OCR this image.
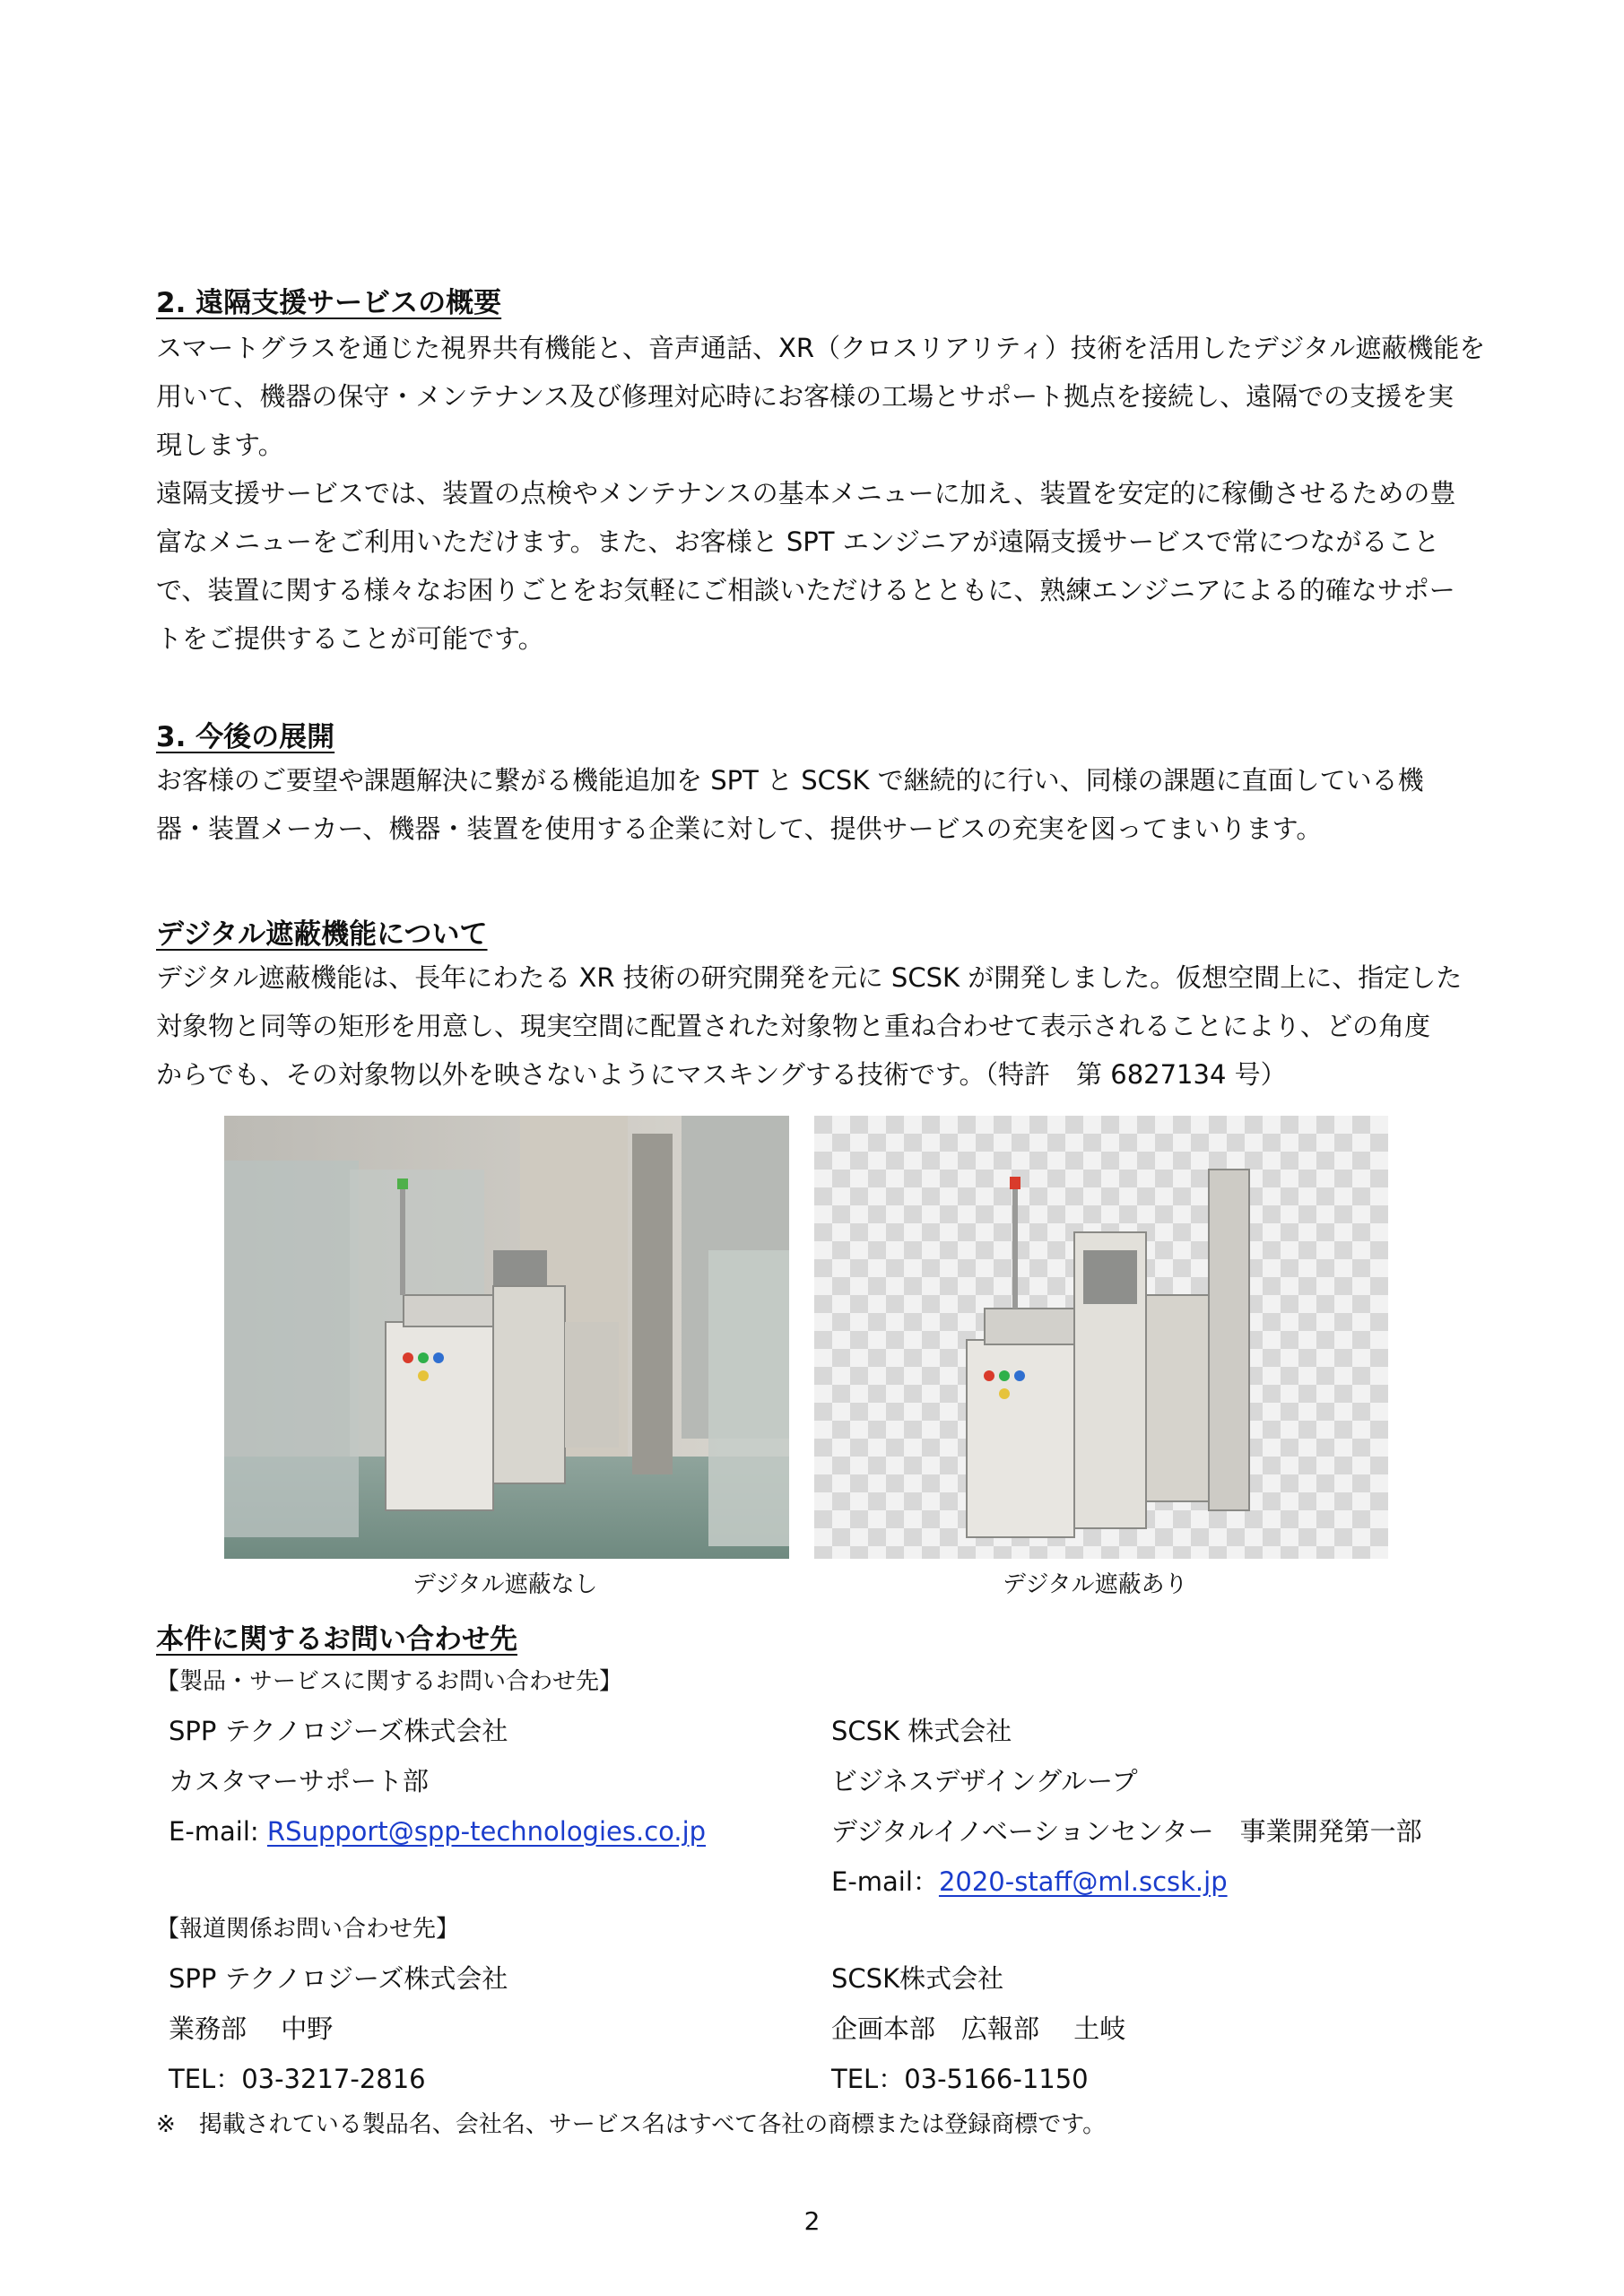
2. 遠隔支援サービスの概要
スマートグラスを通じた視界共有機能と、音声通話、XR（クロスリアリティ）技術を活用したデジタル遮蔽機能を
用いて、機器の保守・メンテナンス及び修理対応時にお客様の工場とサポート拠点を接続し、遠隔での支援を実
現します。
遠隔支援サービスでは、装置の点検やメンテナンスの基本メニューに加え、装置を安定的に稼働させるための豊
富なメニューをご利用いただけます。また、お客様と SPT エンジニアが遠隔支援サービスで常につながること
で、装置に関する様々なお困りごとをお気軽にご相談いただけるとともに、熟練エンジニアによる的確なサポー
トをご提供することが可能です。
3. 今後の展開
お客様のご要望や課題解決に繋がる機能追加を SPT と SCSK で継続的に行い、同様の課題に直面している機
器・装置メーカー、機器・装置を使用する企業に対して、提供サービスの充実を図ってまいります。
デジタル遮蔽機能について
デジタル遮蔽機能は、長年にわたる XR 技術の研究開発を元に SCSK が開発しました。仮想空間上に、指定した
対象物と同等の矩形を用意し、現実空間に配置された対象物と重ね合わせて表示されることにより、どの角度
からでも、その対象物以外を映さないようにマスキングする技術です。（特許　第 6827134 号）
デジタル遮蔽なし	デジタル遮蔽あり
本件に関するお問い合わせ先
【製品・サービスに関するお問い合わせ先】
SPP テクノロジーズ株式会社
カスタマーサポート部
E-mail: RSupport@spp-technologies.co.jp
SCSK 株式会社
ビジネスデザイングループ
デジタルイノベーションセンター　事業開発第一部
E-mail：2020-staff@ml.scsk.jp
【報道関係お問い合わせ先】
SPP テクノロジーズ株式会社
業務部　 中野
TEL：03-3217-2816
SCSK株式会社
企画本部　広報部　 土岐
TEL：03-5166-1150
※　掲載されている製品名、会社名、サービス名はすべて各社の商標または登録商標です。
2
